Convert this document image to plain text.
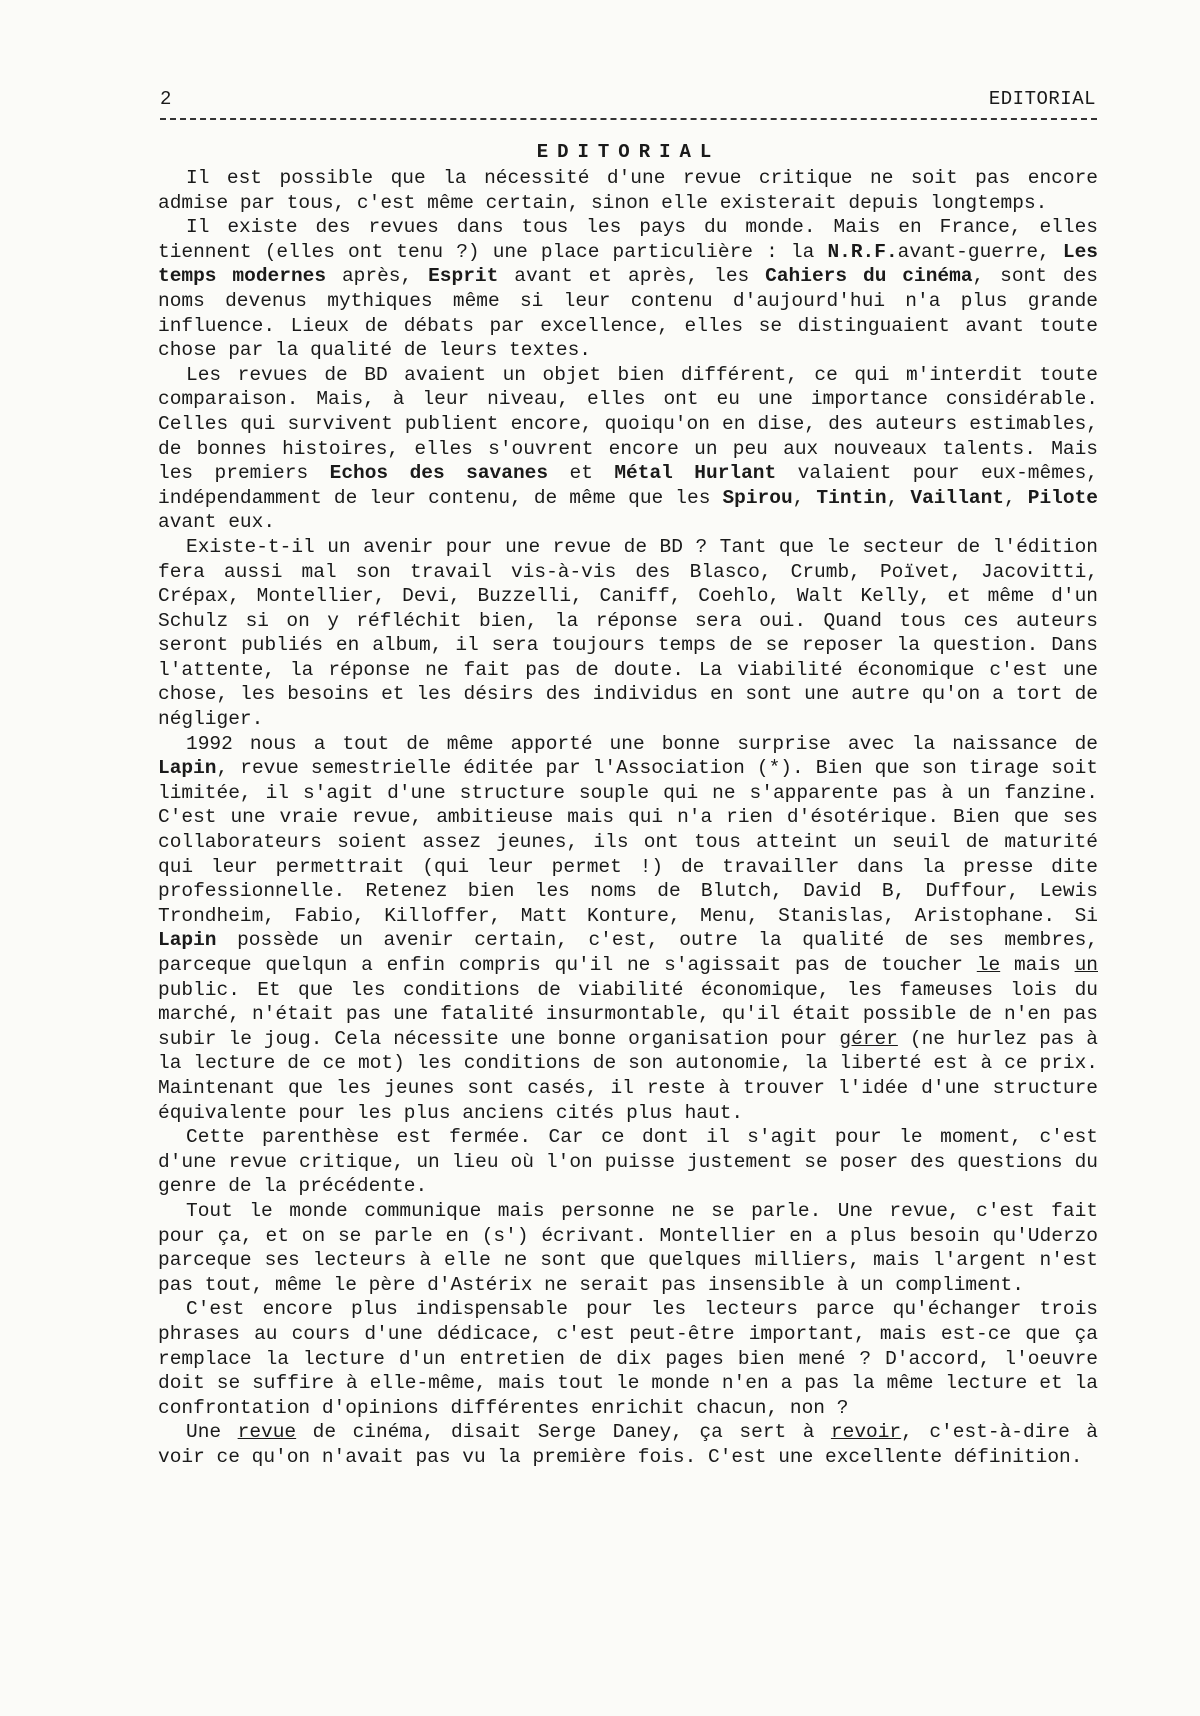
2	EDITORIAL
EDITORIAL

Il est possible que la nécessité d'une revue critique ne soit pas encore admise par tous, c'est même certain, sinon elle existerait depuis longtemps.

Il existe des revues dans tous les pays du monde. Mais en France, elles tiennent (elles ont tenu ?) une place particulière : la N.R.F.avant-guerre, Les temps modernes après, Esprit avant et après, les Cahiers du cinéma, sont des noms devenus mythiques même si leur contenu d'aujourd'hui n'a plus grande influence. Lieux de débats par excellence, elles se distinguaient avant toute chose par la qualité de leurs textes.

Les revues de BD avaient un objet bien différent, ce qui m'interdit toute comparaison. Mais, à leur niveau, elles ont eu une importance considérable. Celles qui survivent publient encore, quoiqu'on en dise, des auteurs estimables, de bonnes histoires, elles s'ouvrent encore un peu aux nouveaux talents. Mais les premiers Echos des savanes et Métal Hurlant valaient pour eux-mêmes, indépendamment de leur contenu, de même que les Spirou, Tintin, Vaillant, Pilote avant eux.

Existe-t-il un avenir pour une revue de BD ? Tant que le secteur de l'édition fera aussi mal son travail vis-à-vis des Blasco, Crumb, Poïvet, Jacovitti, Crépax, Montellier, Devi, Buzzelli, Caniff, Coehlo, Walt Kelly, et même d'un Schulz si on y réfléchit bien, la réponse sera oui. Quand tous ces auteurs seront publiés en album, il sera toujours temps de se reposer la question. Dans l'attente, la réponse ne fait pas de doute. La viabilité économique c'est une chose, les besoins et les désirs des individus en sont une autre qu'on a tort de négliger.

1992 nous a tout de même apporté une bonne surprise avec la naissance de Lapin, revue semestrielle éditée par l'Association (*). Bien que son tirage soit limitée, il s'agit d'une structure souple qui ne s'apparente pas à un fanzine. C'est une vraie revue, ambitieuse mais qui n'a rien d'ésotérique. Bien que ses collaborateurs soient assez jeunes, ils ont tous atteint un seuil de maturité qui leur permettrait (qui leur permet !) de travailler dans la presse dite professionnelle. Retenez bien les noms de Blutch, David B, Duffour, Lewis Trondheim, Fabio, Killoffer, Matt Konture, Menu, Stanislas, Aristophane. Si Lapin possède un avenir certain, c'est, outre la qualité de ses membres, parceque quelqun a enfin compris qu'il ne s'agissait pas de toucher le mais un public. Et que les conditions de viabilité économique, les fameuses lois du marché, n'était pas une fatalité insurmontable, qu'il était possible de n'en pas subir le joug. Cela nécessite une bonne organisation pour gérer (ne hurlez pas à la lecture de ce mot) les conditions de son autonomie, la liberté est à ce prix. Maintenant que les jeunes sont casés, il reste à trouver l'idée d'une structure équivalente pour les plus anciens cités plus haut.

Cette parenthèse est fermée. Car ce dont il s'agit pour le moment, c'est d'une revue critique, un lieu où l'on puisse justement se poser des questions du genre de la précédente.

Tout le monde communique mais personne ne se parle. Une revue, c'est fait pour ça, et on se parle en (s') écrivant. Montellier en a plus besoin qu'Uderzo parceque ses lecteurs à elle ne sont que quelques milliers, mais l'argent n'est pas tout, même le père d'Astérix ne serait pas insensible à un compliment.

C'est encore plus indispensable pour les lecteurs parce qu'échanger trois phrases au cours d'une dédicace, c'est peut-être important, mais est-ce que ça remplace la lecture d'un entretien de dix pages bien mené ? D'accord, l'oeuvre doit se suffire à elle-même, mais tout le monde n'en a pas la même lecture et la confrontation d'opinions différentes enrichit chacun, non ?

Une revue de cinéma, disait Serge Daney, ça sert à revoir, c'est-à-dire à voir ce qu'on n'avait pas vu la première fois. C'est une excellente définition.
